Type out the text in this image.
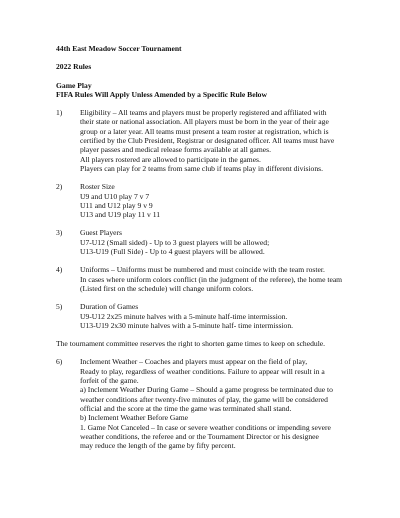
44th East Meadow Soccer Tournament
2022 Rules
Game Play
FIFA Rules Will Apply Unless Amended by a Specific Rule Below
1) Eligibility – All teams and players must be properly registered and affiliated with
their state or national association. All players must be born in the year of their age
group or a later year. All teams must present a team roster at registration, which is
certified by the Club President, Registrar or designated officer. All teams must have
player passes and medical release forms available at all games.
All players rostered are allowed to participate in the games.
Players can play for 2 teams from same club if teams play in different divisions.
2) Roster Size
U9 and U10 play 7 v 7
U11 and U12 play 9 v 9
U13 and U19 play 11 v 11
3) Guest Players
U7-U12 (Small sided) - Up to 3 guest players will be allowed;
U13-U19 (Full Side) - Up to 4 guest players will be allowed.
4) Uniforms – Uniforms must be numbered and must coincide with the team roster.
In cases where uniform colors conflict (in the judgment of the referee), the home team
(Listed first on the schedule) will change uniform colors.
5) Duration of Games
U9-U12 2x25 minute halves with a 5-minute half-time intermission.
U13-U19 2x30 minute halves with a 5-minute half- time intermission.
The tournament committee reserves the right to shorten game times to keep on schedule.
6) Inclement Weather – Coaches and players must appear on the field of play,
Ready to play, regardless of weather conditions. Failure to appear will result in a
forfeit of the game.
a) Inclement Weather During Game – Should a game progress be terminated due to
weather conditions after twenty-five minutes of play, the game will be considered
official and the score at the time the game was terminated shall stand.
b) Inclement Weather Before Game
1. Game Not Canceled – In case or severe weather conditions or impending severe
weather conditions, the referee and or the Tournament Director or his designee
may reduce the length of the game by fifty percent.
